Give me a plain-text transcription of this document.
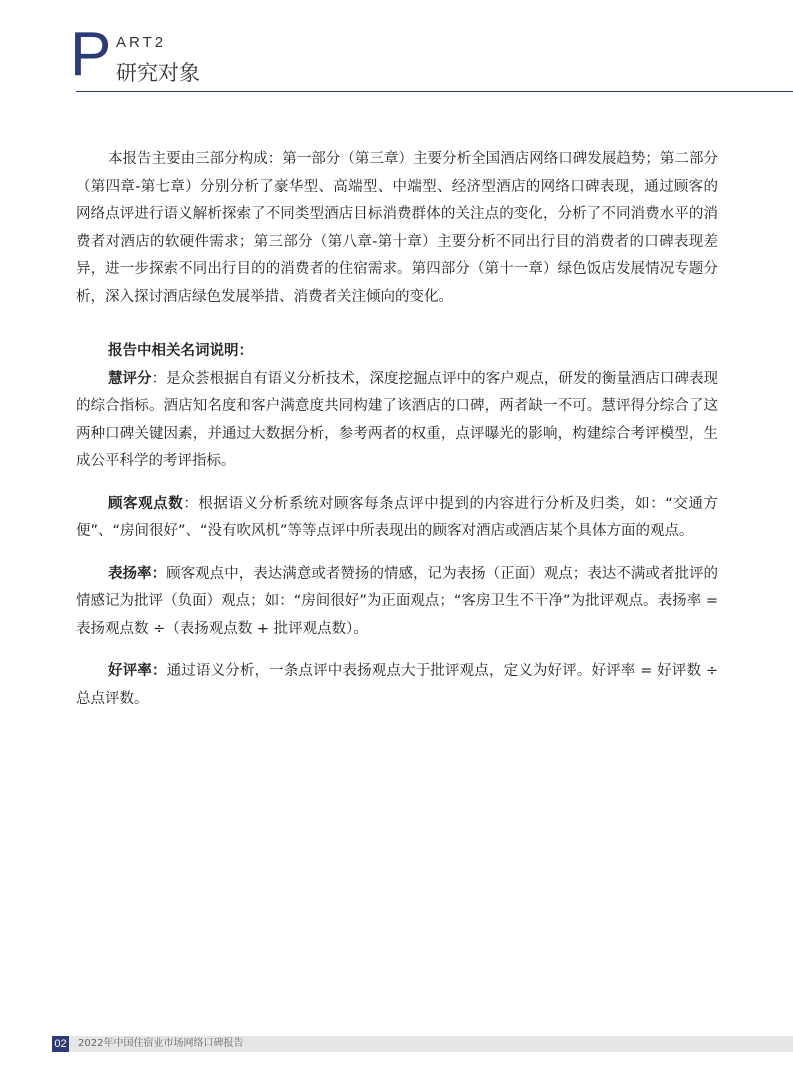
P ART2
研究对象

本报告主要由三部分构成：第一部分（第三章）主要分析全国酒店网络口碑发展趋势；第二部分（第四章-第七章）分别分析了豪华型、高端型、中端型、经济型酒店的网络口碑表现，通过顾客的网络点评进行语义解析探索了不同类型酒店目标消费群体的关注点的变化，分析了不同消费水平的消费者对酒店的软硬件需求；第三部分（第八章-第十章）主要分析不同出行目的消费者的口碑表现差异，进一步探索不同出行目的的消费者的住宿需求。第四部分（第十一章）绿色饭店发展情况专题分析，深入探讨酒店绿色发展举措、消费者关注倾向的变化。

报告中相关名词说明：

慧评分：是众荟根据自有语义分析技术，深度挖掘点评中的客户观点，研发的衡量酒店口碑表现的综合指标。酒店知名度和客户满意度共同构建了该酒店的口碑，两者缺一不可。慧评得分综合了这两种口碑关键因素，并通过大数据分析，参考两者的权重，点评曝光的影响，构建综合考评模型，生成公平科学的考评指标。

顾客观点数：根据语义分析系统对顾客每条点评中提到的内容进行分析及归类，如：“交通方便”、“房间很好”、“没有吹风机”等等点评中所表现出的顾客对酒店或酒店某个具体方面的观点。

表扬率：顾客观点中，表达满意或者赞扬的情感，记为表扬（正面）观点；表达不满或者批评的情感记为批评（负面）观点；如：“房间很好”为正面观点；“客房卫生不干净”为批评观点。表扬率 = 表扬观点数 ÷（表扬观点数 + 批评观点数）。

好评率：通过语义分析，一条点评中表扬观点大于批评观点，定义为好评。好评率 = 好评数 ÷ 总点评数。

02 2022年中国住宿业市场网络口碑报告
